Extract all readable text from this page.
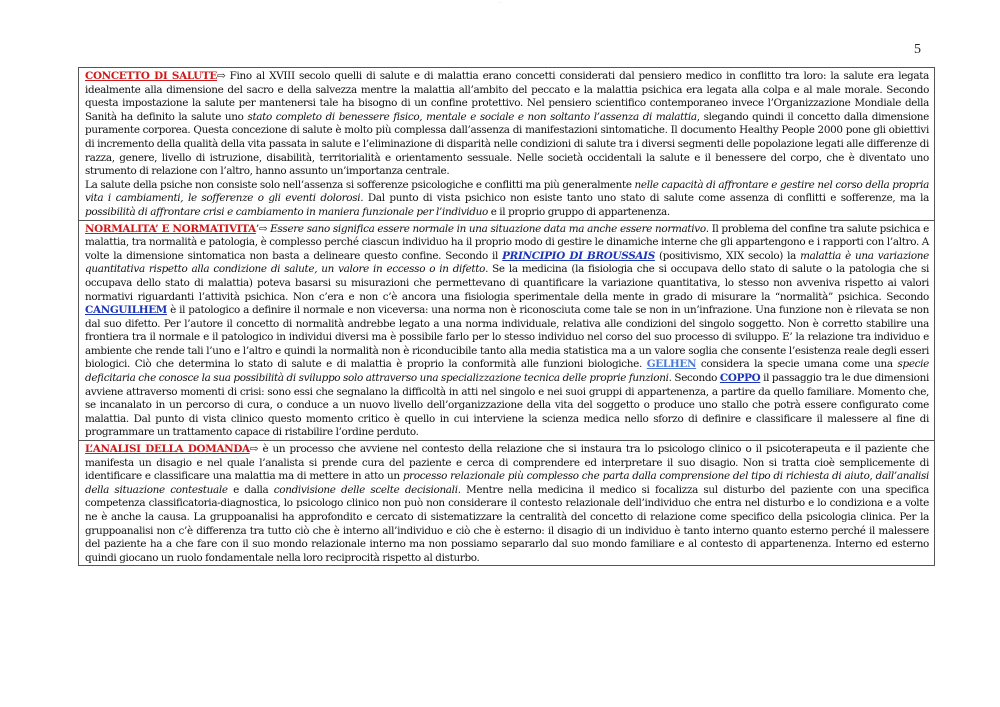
...
5

CONCETTO DI SALUTE⇨ Fino al XVIII secolo quelli di salute e di malattia erano concetti considerati dal pensiero medico in conflitto tra loro: la salute era legata idealmente alla dimensione del sacro e della salvezza mentre la malattia all’ambito del peccato e la malattia psichica era legata alla colpa e al male morale. Secondo questa impostazione la salute per mantenersi tale ha bisogno di un confine protettivo. Nel pensiero scientifico contemporaneo invece l’Organizzazione Mondiale della Sanità ha definito la salute uno stato completo di benessere fisico, mentale e sociale e non soltanto l’assenza di malattia, slegando quindi il concetto dalla dimensione puramente corporea. Questa concezione di salute è molto più complessa dall’assenza di manifestazioni sintomatiche. Il documento Healthy People 2000 pone gli obiettivi di incremento della qualità della vita passata in salute e l’eliminazione di disparità nelle condizioni di salute tra i diversi segmenti delle popolazione legati alle differenze di razza, genere, livello di istruzione, disabilità, territorialità e orientamento sessuale. Nelle società occidentali la salute e il benessere del corpo, che è diventato uno strumento di relazione con l’altro, hanno assunto un’importanza centrale.

La salute della psiche non consiste solo nell’assenza si sofferenze psicologiche e conflitti ma più generalmente nelle capacità di affrontare e gestire nel corso della propria vita i cambiamenti, le sofferenze o gli eventi dolorosi. Dal punto di vista psichico non esiste tanto uno stato di salute come assenza di conflitti e sofferenze, ma la possibilità di affrontare crisi e cambiamento in maniera funzionale per l’individuo e il proprio gruppo di appartenenza.

NORMALITA’ E NORMATIVITA’⇨ Essere sano significa essere normale in una situazione data ma anche essere normativo. Il problema del confine tra salute psichica e malattia, tra normalità e patologia, è complesso perché ciascun individuo ha il proprio modo di gestire le dinamiche interne che gli appartengono e i rapporti con l’altro. A volte la dimensione sintomatica non basta a delineare questo confine. Secondo il PRINCIPIO DI BROUSSAIS (positivismo, XIX secolo) la malattia è una variazione quantitativa rispetto alla condizione di salute, un valore in eccesso o in difetto. Se la medicina (la fisiologia che si occupava dello stato di salute o la patologia che si occupava dello stato di malattia) poteva basarsi su misurazioni che permettevano di quantificare la variazione quantitativa, lo stesso non avveniva rispetto ai valori normativi riguardanti l’attività psichica. Non c’era e non c’è ancora una fisiologia sperimentale della mente in grado di misurare la “normalità” psichica. Secondo CANGUILHEM è il patologico a definire il normale e non viceversa: una norma non è riconosciuta come tale se non in un’infrazione. Una funzione non è rilevata se non dal suo difetto. Per l’autore il concetto di normalità andrebbe legato a una norma individuale, relativa alle condizioni del singolo soggetto. Non è corretto stabilire una frontiera tra il normale e il patologico in individui diversi ma è possibile farlo per lo stesso individuo nel corso del suo processo di sviluppo. E’ la relazione tra individuo e ambiente che rende tali l’uno e l’altro e quindi la normalità non è riconducibile tanto alla media statistica ma a un valore soglia che consente l’esistenza reale degli esseri biologici. Ciò che determina lo stato di salute e di malattia è proprio la conformità alle funzioni biologiche. GELHEN considera la specie umana come una specie deficitaria che conosce la sua possibilità di sviluppo solo attraverso una specializzazione tecnica delle proprie funzioni. Secondo COPPO il passaggio tra le due dimensioni avviene attraverso momenti di crisi: sono essi che segnalano la difficoltà in atti nel singolo e nei suoi gruppi di appartenenza, a partire da quello familiare. Momento che, se incanalato in un percorso di cura, o conduce a un nuovo livello dell’organizzazione della vita del soggetto o produce uno stallo che potrà essere configurato come malattia. Dal punto di vista clinico questo momento critico è quello in cui interviene la scienza medica nello sforzo di definire e classificare il malessere al fine di programmare un trattamento capace di ristabilire l’ordine perduto.

L’ANALISI DELLA DOMANDA⇨ è un processo che avviene nel contesto della relazione che si instaura tra lo psicologo clinico o il psicoterapeuta e il paziente che manifesta un disagio e nel quale l’analista si prende cura del paziente e cerca di comprendere ed interpretare il suo disagio. Non si tratta cioè semplicemente di identificare e classificare una malattia ma di mettere in atto un processo relazionale più complesso che parta dalla comprensione del tipo di richiesta di aiuto, dall’analisi della situazione contestuale e dalla condivisione delle scelte decisionali. Mentre nella medicina il medico si focalizza sul disturbo del paziente con una specifica competenza classificatoria-diagnostica, lo psicologo clinico non può non considerare il contesto relazionale dell’individuo che entra nel disturbo e lo condiziona e a volte ne è anche la causa. La gruppoanalisi ha approfondito e cercato di sistematizzare la centralità del concetto di relazione come specifico della psicologia clinica. Per la gruppoanalisi non c’è differenza tra tutto ciò che è interno all’individuo e ciò che è esterno: il disagio di un individuo è tanto interno quanto esterno perché il malessere del paziente ha a che fare con il suo mondo relazionale interno ma non possiamo separarlo dal suo mondo familiare e al contesto di appartenenza. Interno ed esterno quindi giocano un ruolo fondamentale nella loro reciprocità rispetto al disturbo.
